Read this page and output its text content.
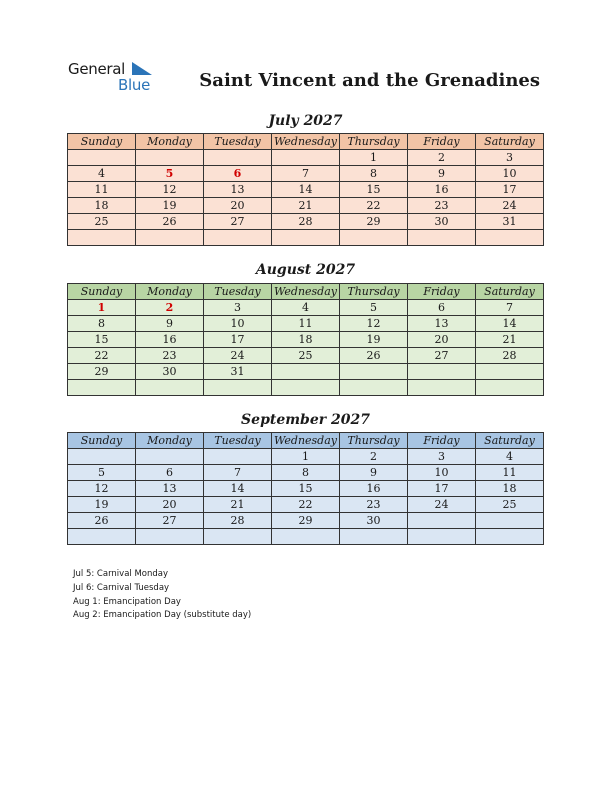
General
Blue	Saint Vincent and the Grenadines
July 2027
Sunday	Monday	Tuesday	Wednesday	Thursday	Friday	Saturday
				1	2	3
4	5	6	7	8	9	10
11	12	13	14	15	16	17
18	19	20	21	22	23	24
25	26	27	28	29	30	31

August 2027
Sunday	Monday	Tuesday	Wednesday	Thursday	Friday	Saturday
1	2	3	4	5	6	7
8	9	10	11	12	13	14
15	16	17	18	19	20	21
22	23	24	25	26	27	28
29	30	31				

September 2027
Sunday	Monday	Tuesday	Wednesday	Thursday	Friday	Saturday
			1	2	3	4
5	6	7	8	9	10	11
12	13	14	15	16	17	18
19	20	21	22	23	24	25
26	27	28	29	30		

Jul 5: Carnival Monday
Jul 6: Carnival Tuesday
Aug 1: Emancipation Day
Aug 2: Emancipation Day (substitute day)
